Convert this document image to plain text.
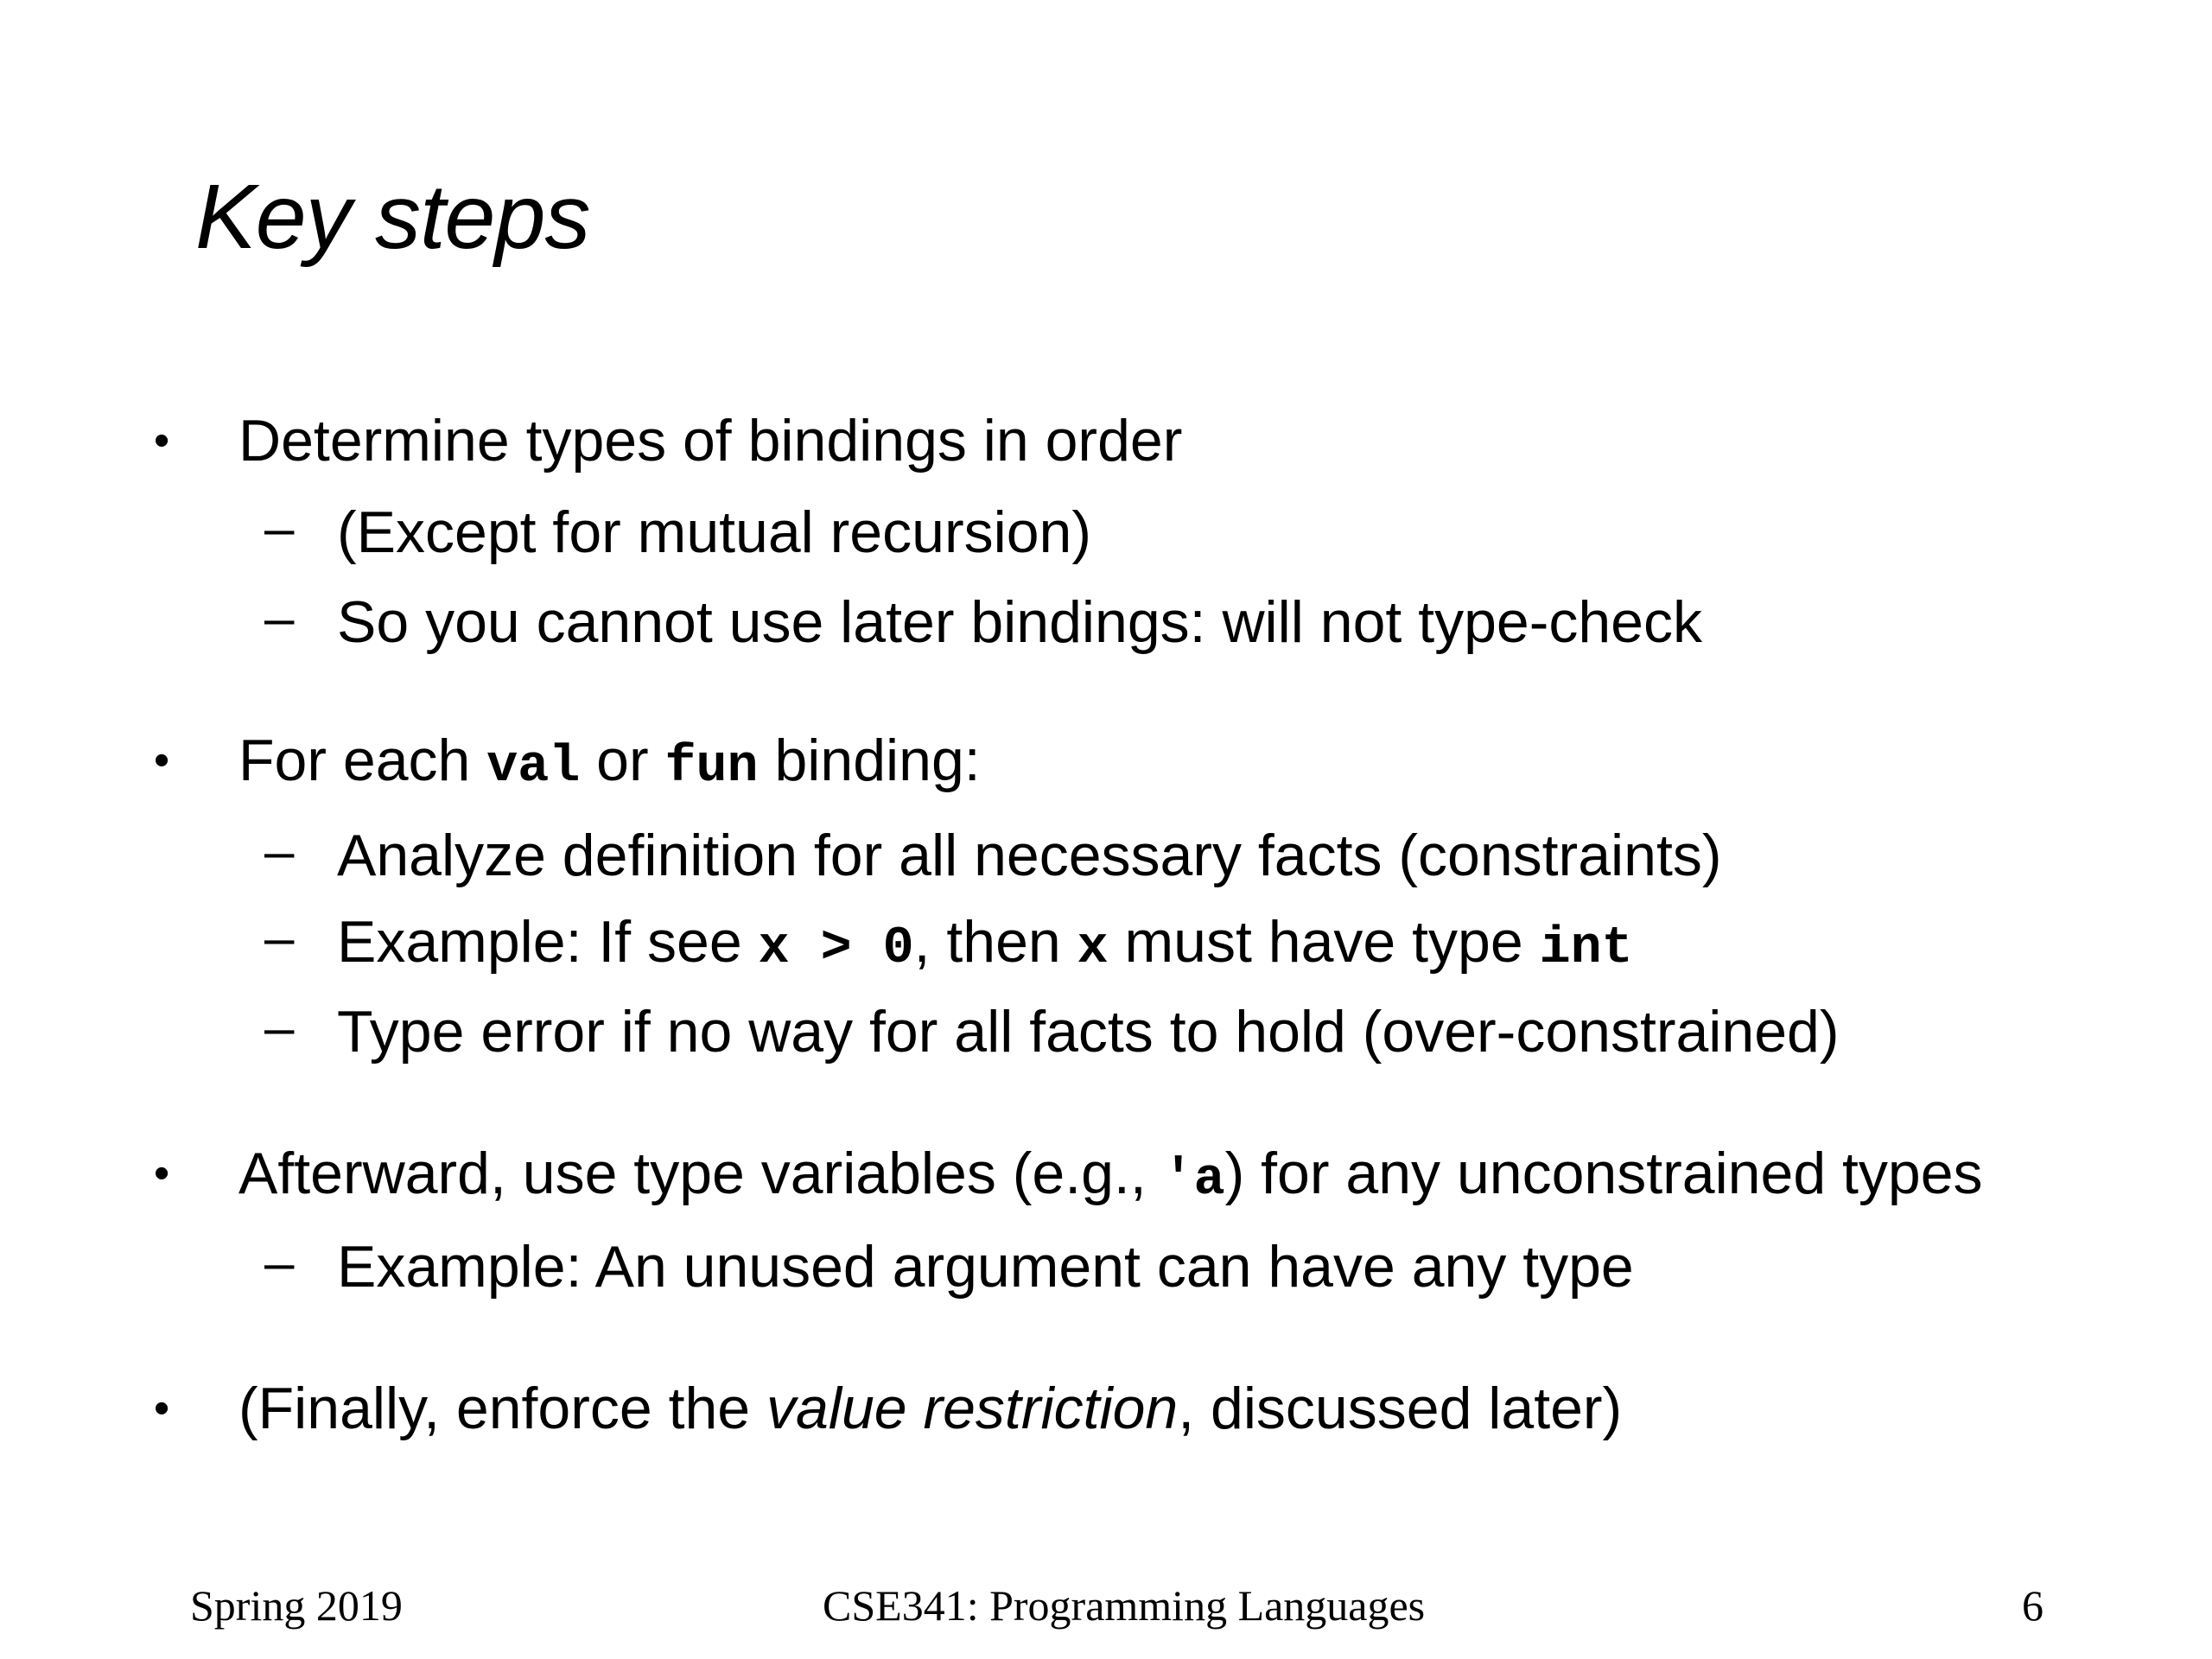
Key steps
• Determine types of bindings in order
– (Except for mutual recursion)
– So you cannot use later bindings: will not type-check
• For each val or fun binding:
– Analyze definition for all necessary facts (constraints)
– Example: If see x > 0, then x must have type int
– Type error if no way for all facts to hold (over-constrained)
• Afterward, use type variables (e.g., 'a) for any unconstrained types
– Example: An unused argument can have any type
• (Finally, enforce the value restriction, discussed later)
Spring 2019	CSE341: Programming Languages	6
